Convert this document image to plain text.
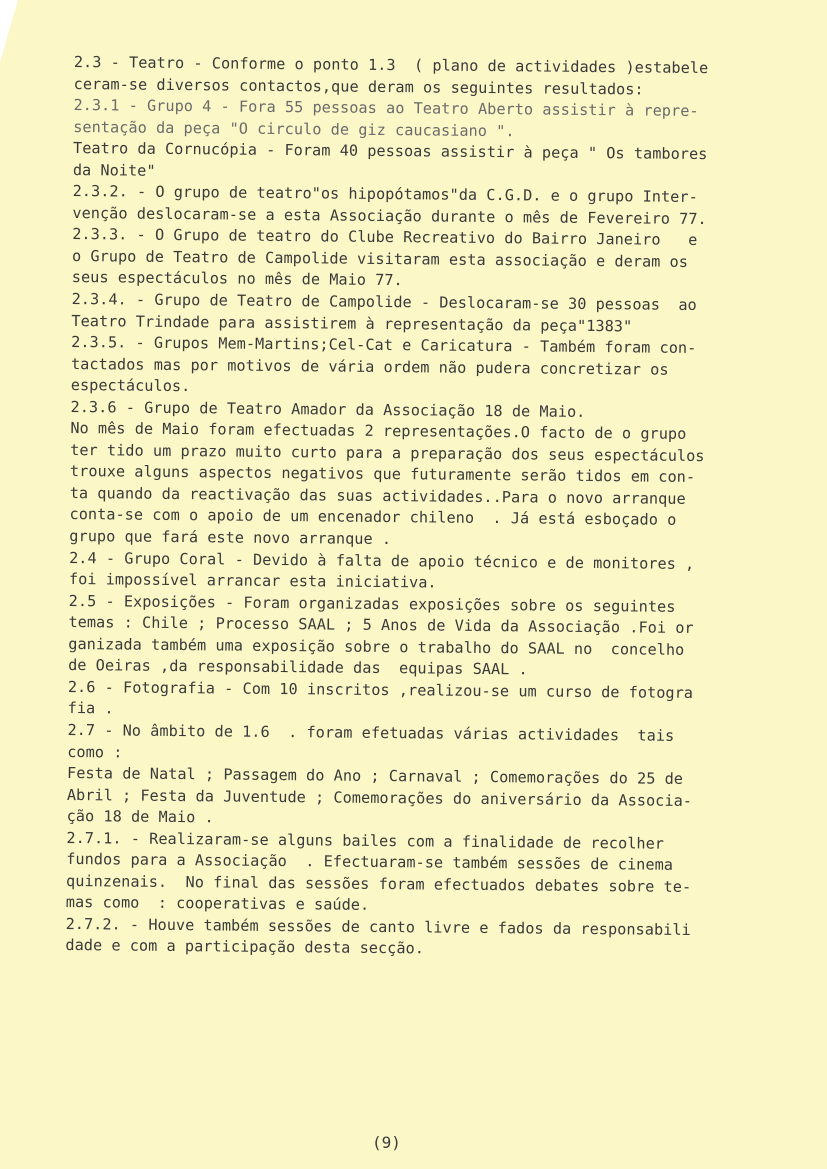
2.3 - Teatro - Conforme o ponto 1.3  ( plano de actividades )estabele
ceram-se diversos contactos,que deram os seguintes resultados:
2.3.1 - Grupo 4 - Fora 55 pessoas ao Teatro Aberto assistir à repre-
sentação da peça "O circulo de giz caucasiano ".
Teatro da Cornucópia - Foram 40 pessoas assistir à peça " Os tambores
da Noite"
2.3.2. - O grupo de teatro"os hipopótamos"da C.G.D. e o grupo Inter-
venção deslocaram-se a esta Associação durante o mês de Fevereiro 77.
2.3.3. - O Grupo de teatro do Clube Recreativo do Bairro Janeiro   e
o Grupo de Teatro de Campolide visitaram esta associação e deram os
seus espectáculos no mês de Maio 77.
2.3.4. - Grupo de Teatro de Campolide - Deslocaram-se 30 pessoas  ao
Teatro Trindade para assistirem à representação da peça"1383"
2.3.5. - Grupos Mem-Martins;Cel-Cat e Caricatura - Também foram con-
tactados mas por motivos de vária ordem não pudera concretizar os
espectáculos.
2.3.6 - Grupo de Teatro Amador da Associação 18 de Maio.
No mês de Maio foram efectuadas 2 representações.O facto de o grupo
ter tido um prazo muito curto para a preparação dos seus espectáculos
trouxe alguns aspectos negativos que futuramente serão tidos em con-
ta quando da reactivação das suas actividades..Para o novo arranque
conta-se com o apoio de um encenador chileno  . Já está esboçado o
grupo que fará este novo arranque .
2.4 - Grupo Coral - Devido à falta de apoio técnico e de monitores ,
foi impossível arrancar esta iniciativa.
2.5 - Exposições - Foram organizadas exposições sobre os seguintes
temas : Chile ; Processo SAAL ; 5 Anos de Vida da Associação .Foi or
ganizada também uma exposição sobre o trabalho do SAAL no  concelho
de Oeiras ,da responsabilidade das  equipas SAAL .
2.6 - Fotografia - Com 10 inscritos ,realizou-se um curso de fotogra
fia .
2.7 - No âmbito de 1.6  . foram efetuadas várias actividades  tais
como :
Festa de Natal ; Passagem do Ano ; Carnaval ; Comemorações do 25 de
Abril ; Festa da Juventude ; Comemorações do aniversário da Associa-
ção 18 de Maio .
2.7.1. - Realizaram-se alguns bailes com a finalidade de recolher
fundos para a Associação  . Efectuaram-se também sessões de cinema
quinzenais.  No final das sessões foram efectuados debates sobre te-
mas como  : cooperativas e saúde.
2.7.2. - Houve também sessões de canto livre e fados da responsabili
dade e com a participação desta secção.
(9)
